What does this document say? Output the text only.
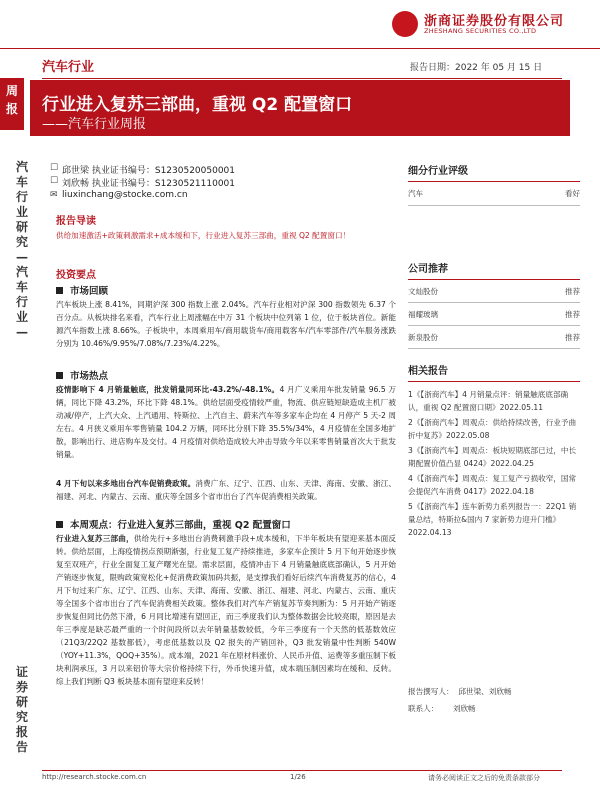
浙商证券股份有限公司
ZHESHANG SECURITIES CO.,LTD
汽车行业	报告日期：2022 年 05 月 15 日
周报 行业进入复苏三部曲，重视 Q2 配置窗口
——汽车行业周报
汽车行业研究—汽车行业—
证券研究报告
☐ 邱世梁 执业证书编号：S1230520050001
☐ 刘欣畅 执业证书编号：S1230521110001
✉ liuxinchang@stocke.com.cn
报告导读
供给加速激活+政策刺激需求+成本缓和下，行业进入复苏三部曲，重视 Q2 配置窗口！
投资要点
市场回顾
汽车板块上涨 8.41%，同期沪深 300 指数上涨 2.04%。汽车行业相对沪深 300 指数领先 6.37 个百分点。从板块排名来看，汽车行业上周涨幅在中万 31 个板块中位列第 1 位，位于板块首位。新能源汽车指数上涨 8.66%。子板块中，本周乘用车/商用载货车/商用载客车/汽车零部件/汽车服务涨跌分别为 10.46%/9.95%/7.08%/7.23%/4.22%。
市场热点
疫情影响下 4 月销量触底，批发销量同环比-43.2%/-48.1%。4 月广义乘用车批发销量 96.5 万辆，同比下降 43.2%，环比下降 48.1%。供给层面受疫情较严重，物流、供应链短缺造成主机厂被动减/停产，上汽大众、上汽通用、特斯拉、上汽自主、蔚来汽车等多家车企均在 4 月停产 5 天-2 周左右。4 月狭义乘用车零售销量 104.2 万辆，同环比分别下降 35.5%/34%，4 月疫情在全国多地扩散，影响出行、进店购车及交付。4 月疫情对供给造成较大冲击导致今年以来零售销量首次大于批发销量。
4 月下旬以来多地出台汽车促销费政策。消费广东、辽宁、江西、山东、天津、海南、安徽、浙江、福建、河北、内蒙古、云南、重庆等全国多个省市出台了汽车促消费相关政策。
本周观点：行业进入复苏三部曲，重视 Q2 配置窗口
行业进入复苏三部曲，供给先行+多地出台消费刺激手段+成本缓和，下半年板块有望迎来基本面反转。供给层面，上海疫情拐点预期渐强，行业复工复产持续推进，多家车企预计 5 月下旬开始逐步恢复至双班产，行业全面复工复产曙光在望。需求层面，疫情冲击下 4 月销量触底底部确认，5 月开始产销逐步恢复，限购政策宽松化+促消费政策加码共振，是支撑我们看好后续汽车消费复苏的信心，4 月下旬过来广东、辽宁、江西、山东、天津、海南、安徽、浙江、福建、河北、内蒙古、云南、重庆等全国多个省市出台了汽车促消费相关政策。整体我们对汽车产销复苏节奏判断为：5 月开始产销逐步恢复但同比仍然下滑，6 月同比增速有望回正，而三季度我们认为整体数据会比较亮眼，原因是去年三季度是缺芯最严重的一个时间段所以去年销量基数较低，今年三季度有一个天然的低基数效应（21Q3/22Q2 基数都低），考虑低基数以及 Q2 报失的产销回补，Q3 批发销量中性判断 540W（YOY+11.3%，QOQ+35%）。成本端，2021 年在原材料涨价、人民币升值、运费等多重压制下板块利润承压，3 月以来铝价等大宗价格持续下行，外币快速升值，成本端压制因素均在缓和、反转。综上我们判断 Q3 板块基本面有望迎来反转！
细分行业评级
汽车	看好
公司推荐
文灿股份	推荐
福耀玻璃	推荐
新泉股份	推荐
相关报告
1《【浙商汽车】4 月销量点评：销量触底底部确认，重视 Q2 配置窗口期》2022.05.11
2《【浙商汽车】周观点：供给持续改善，行业予曲折中复苏》2022.05.08
3《【浙商汽车】周观点：板块短期底部已过，中长期配置价值凸显 0424》2022.04.25
4《【浙商汽车】周观点：复工复产亏损收窄，国常会提促汽车消费 0417》2022.04.18
5《【浙商汽车】连车新势力系列报告一：22Q1 销量总结，特斯拉&国内 7 家新势力迎升门槛》2022.04.13
报告撰写人：  邱世梁、刘欣畅
联系人：      刘欣畅
http://research.stocke.com.cn	1/26	请务必阅读正文之后的免责条款部分
